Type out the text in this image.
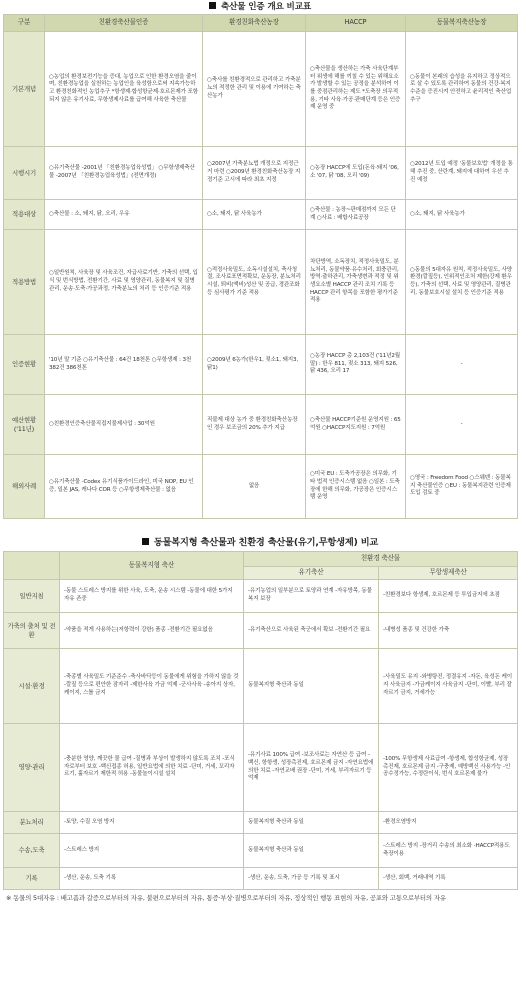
축산물 인증 개요 비교표
구분	친환경축산물인증	환경친화축산농장	HACCP	동물복지축산농장
기본개념	○농업의 환경보전기능을 증대, 농업으로 인한 환경오염을 줄이며, 친환경농업을 실천하는 농업인을 육성함으로써 지속가능하고 환경친화적인 농업추구 *항생제·합성항균제·호르몬제가 포함되지 않은 유기사료, 무항생제사료를 급여해 사육한 축산물	○축사를 친환경적으로 관리하고 가축분뇨의 적정한 관리 및 이용에 기여하는 축산농가	○축산물을 생산하는 가축 사육단계부터 위생에 해를 끼칠 수 있는 위해요소가 발생할 수 있는 공정을 분석하여 이를 중점관리하는 제도 *도축장 의무적용, 기타 사육·가공·판매단계 등은 인증제 운영 중	○동물이 본래의 습성을 유지하고 정상적으로 살 수 있도록 관리하여 동물의 건강·복지수준을 증진시켜 안전하고 윤리적인 축산업 추구
시행시기	○유기축산물 -2001년 「친환경농업육성법」 ○무항생제축산물 -2007년 「친환경농업육성법」(전면개정)	○2007년 가축분뇨법 개정으로 지정근거 마련 ○2009년 환경친화축산농장 지정기준 고시에 따라 최초 지정	○농장 HACCP에 도입(돈육·돼지 '06, 소 '07, 닭 '08, 오리 '09)	○2012년 도입 예정 '동물보호법' 개정을 통해 추진 중, 산란계, 돼지에 대하여 우선 추진 예정
적용대상	○축산물 : 소, 돼지, 닭, 오리, 우유	○소, 돼지, 닭 사육농가	○축산물 : 농장~판매점까지 모든 단계 ○사료 : 배합사료공장	○소, 돼지, 닭 사육농가
적용방법	○일반원칙, 사육장 및 사육조건, 자급사료기반, 가축의 선택, 입식 및 번식방법, 전환기간, 사료 및 영양관리, 동물복지 및 질병관리, 운송·도축·가공과정, 가축분뇨의 처리 등 인증기준 적용	○적정사육밀도, 소독시설설치, 축사청결, 조사료포면적확보, 운동장, 분뇨처리시설, 퇴비(액비)성산 및 공급, 경관조화 등 심사평가 기준 적용	차단방역, 소독장치, 적정사육밀도, 분뇨처리, 동물약품·유수처리, 회충관리, 방역·출하관리, 가축생변과 적정 및 위생요소별 HACCP 관리 조치 기록 등 HACCP 관리 항목을 포함한 평가기준 적용	○동물의 5대자유 원칙, 적정사육밀도, 사양환경(깔짚등), 인위적인조처 제한(강제 환우 등), 가축의 선택, 사료 및 영양관리, 질병관리, 동물보호시설 설치 등 인증기준 적용
인증현황	'10년 말 기준 ○유기축산물 : 64건 18천톤 ○무항생제 : 3천382건 386천톤	○2009년 6농가(한우1, 젖소1, 돼지3, 닭1)	○농장 HACCP 총 2,103건 ('11년2월말) : 한우 811, 젖소 313, 돼지 526, 닭 436, 오리 17	-
예산현황 ('11년)	○친환경인증축산물직접지불제사업 : 30억원	직불제 대상 농가 중 환경친화축산농장인 경우 보조금의 20% 추가 지급	○축산물 HACCP기준원 운영지원 : 65억원 ○HACCP지도지원 : 7억원	-
해외사례	○유기축산물 -Codex 유기식품가이드라인, 미국 NOP, EU 인증, 일본 JAS, 캐나다 COR 등 ○무항생제축산물 : 없음	없음	○미국 EU : 도축가공장은 의무화, 기타 법적 인증시스템 없음 ○일본 : 도축장에 한해 의무화, 가공장은 인증시스템 운영	○영국 : Freedom Food ○스웨덴 : 동물복지 축산물인증 ○EU : 동물복지관련 인증제 도입 검토 중
동물복지형 축산물과 친환경 축산물(유기,무항생제) 비교
	동물복지형 축산	친환경 축산물	
		유기축산	무항생제축산
일반지침	-동물 스트레스 방지를 위한 사육, 도축, 운송 시스템 -동물에 대한 5가지 자유 존중	-유기농업의 일부분으로 토양과 연계 -자유방목, 동물복지 보장	-친환경보다 항생제, 호르몬제 등 투입금지에 초점
가축의 출처 및 전환	-약품을 적게 사용하는(저항력이 강한) 품종 -전환기간 필요없음	-유기축산으로 사육된 축군에서 확보 -전환기간 필요	-내병성 품종 및 건강한 가축
시설·환경	-축종별 사육밀도 기준준수 -축사바닥등이 동물에게 위험을 가하지 않을 것 -깔짚 등으로 편안한 잠자리 -제한사육 가금 억제 -군사사육 -송아지 상자, 케이지, 스톨 금지	동물복지형 축산과 동일	-사육밀도 유지 -와병탕진, 정결유지 -자돈, 육성돈 케이지 사육금지 -가금케이지 사육금지 -단미, 이빨, 부리 잘 자르기 금지, 거세가능
영양·관리	-충분한 영양, 깨끗한 물 급여 -질병과 부상이 발생하지 않도록 조치 -포식자로부터 보호 -백신접종 허용, 일반요법에 의한 치료 -단미, 거세, 꼬리자르기, 훌자르기 제한적 허용 -동물놀이시설 설치	-유기사료 100% 급여 -보조사료는 자연산 등 급여 -백신, 항항생, 성장촉진제, 호르몬제 금지 -자연요법에 의한 치료 -자연교배 권장 -단미, 거세, 부리자르기 등 억제	-100% 무항생제 사료급여 -항생제, 합성항균제, 성장촉진제, 호르몬제 금지 -구충제, 예방백신 사용가능 -인공수정가능, 수정란이식, 번식 호르몬제 불가
분뇨처리	-토양, 수질 오염 방지	동물복지형 축산과 동일	-환경오염방지
수송,도축	-스트레스 방지	동물복지형 축산과 동일	-스트레스 방지 -장거리 수송의 최소화 -HACCP적용도축장이용
기록	-생산, 운송, 도축 기록	-생산, 운송, 도축, 가공 등 기록 및 표시	-생산, 회백, 거래내역 기록
※ 동물의 5대자유 : 배고픔과 갈증으로부터의 자유, 불편으로부터의 자유, 통증·부상·질병으로부터의 자유, 정상적인 행동 표현의 자유, 공포와 고통으로부터의 자유
